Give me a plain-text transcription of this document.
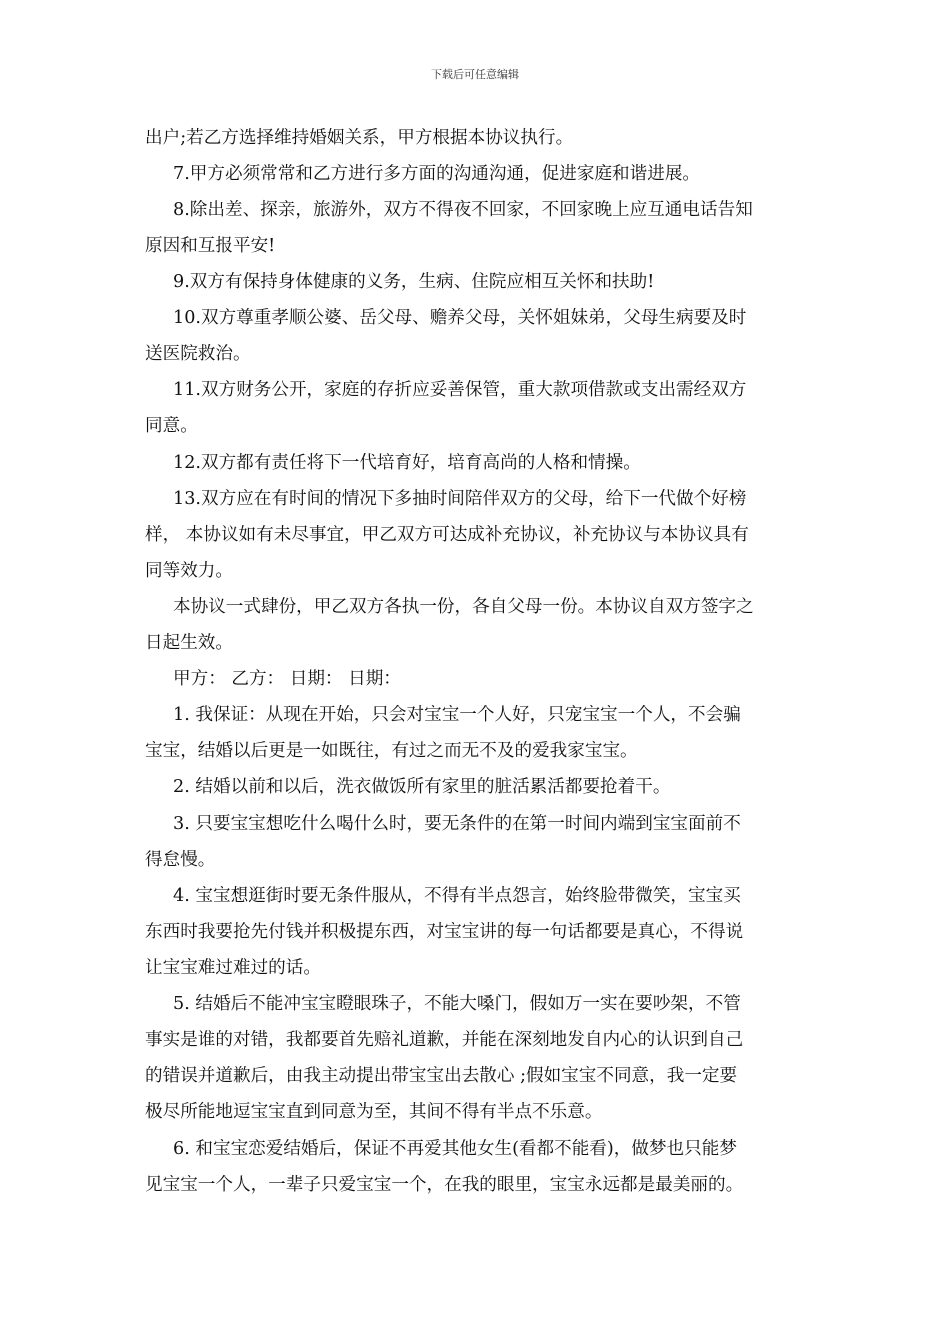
下载后可任意编辑
出户;若乙方选择维持婚姻关系，甲方根据本协议执行。
7.甲方必须常常和乙方进行多方面的沟通沟通，促进家庭和谐进展。
8.除出差、探亲，旅游外，双方不得夜不回家，不回家晚上应互通电话告知
原因和互报平安!
9.双方有保持身体健康的义务，生病、住院应相互关怀和扶助!
10.双方尊重孝顺公婆、岳父母、赡养父母，关怀姐妹弟，父母生病要及时
送医院救治。
11.双方财务公开，家庭的存折应妥善保管，重大款项借款或支出需经双方
同意。
12.双方都有责任将下一代培育好，培育高尚的人格和情操。
13.双方应在有时间的情况下多抽时间陪伴双方的父母，给下一代做个好榜
样， 本协议如有未尽事宜，甲乙双方可达成补充协议，补充协议与本协议具有
同等效力。
本协议一式肆份，甲乙双方各执一份，各自父母一份。本协议自双方签字之
日起生效。
甲方： 乙方： 日期： 日期：
1. 我保证：从现在开始，只会对宝宝一个人好，只宠宝宝一个人，不会骗
宝宝，结婚以后更是一如既往，有过之而无不及的爱我家宝宝。
2. 结婚以前和以后，洗衣做饭所有家里的脏活累活都要抢着干。
3. 只要宝宝想吃什么喝什么时，要无条件的在第一时间内端到宝宝面前不
得怠慢。
4. 宝宝想逛街时要无条件服从，不得有半点怨言，始终脸带微笑，宝宝买
东西时我要抢先付钱并积极提东西，对宝宝讲的每一句话都要是真心，不得说
让宝宝难过难过的话。
5. 结婚后不能冲宝宝瞪眼珠子，不能大嗓门，假如万一实在要吵架，不管
事实是谁的对错，我都要首先赔礼道歉，并能在深刻地发自内心的认识到自己
的错误并道歉后，由我主动提出带宝宝出去散心 ;假如宝宝不同意，我一定要
极尽所能地逗宝宝直到同意为至，其间不得有半点不乐意。
6. 和宝宝恋爱结婚后，保证不再爱其他女生(看都不能看)，做梦也只能梦
见宝宝一个人，一辈子只爱宝宝一个，在我的眼里，宝宝永远都是最美丽的。
